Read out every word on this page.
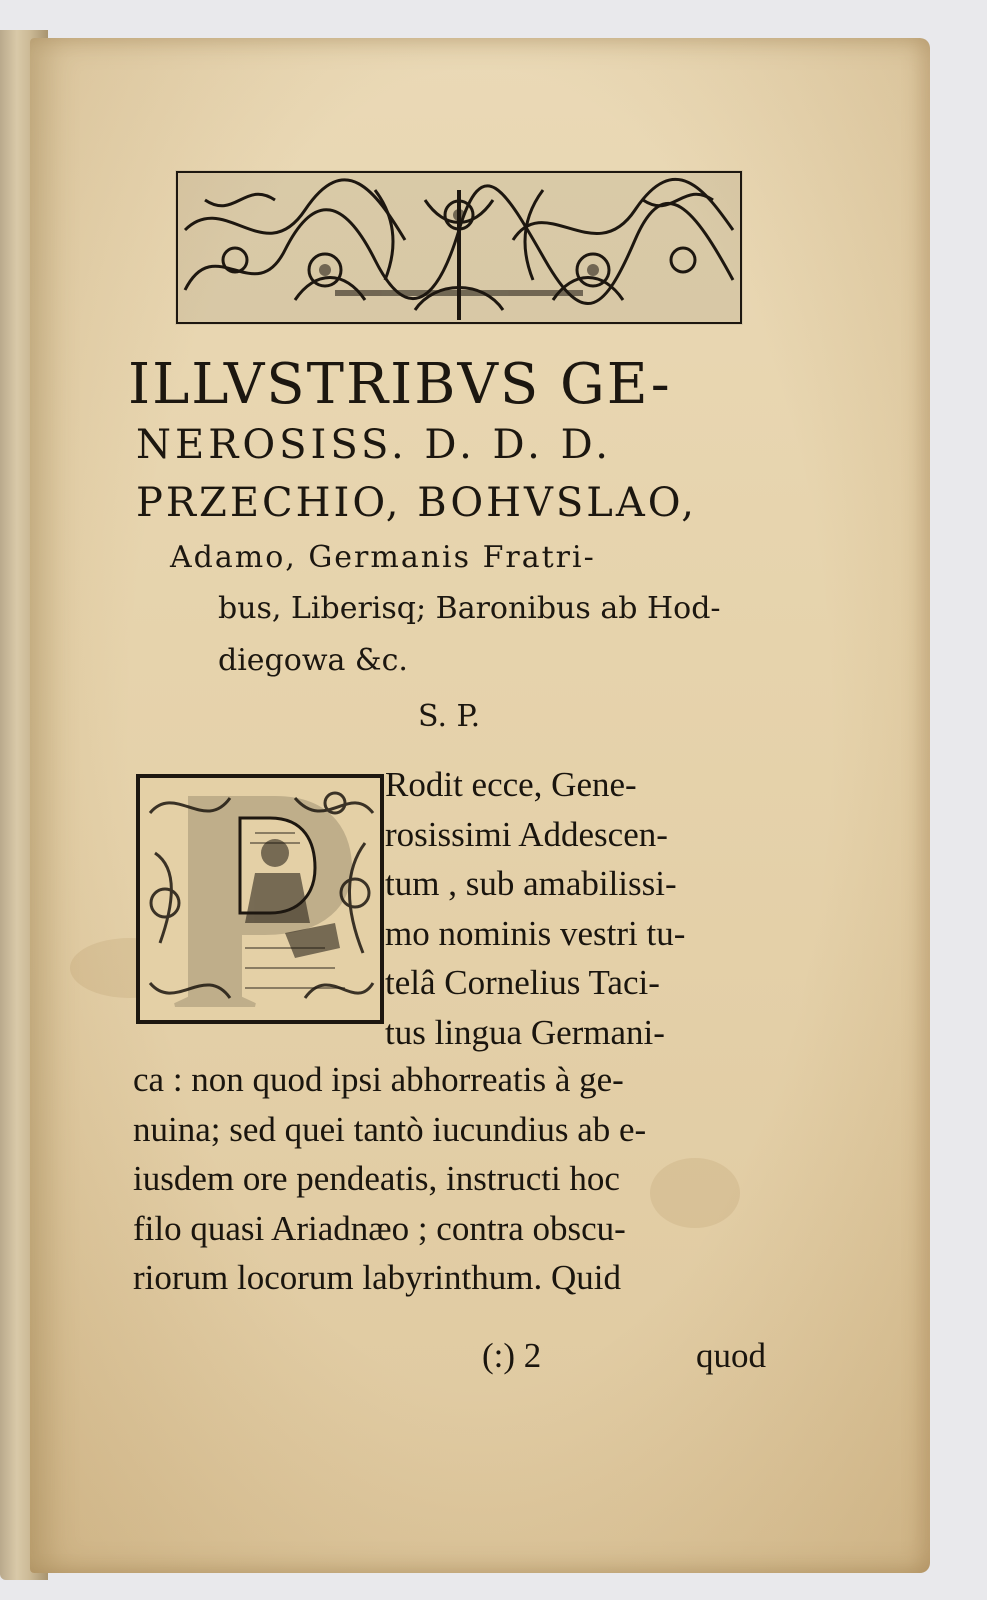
ILLVSTRIBVS GE-
NEROSISS. D. D. D.
PRZECHIO, BOHVSLAO,
Adamo, Germanis Fratri-
bus, Liberisq; Baronibus ab Hod-
diegowa &c.
S. P.
Rodit ecce, Gene-
rosissimi Addescen-
tum , sub amabilissi-
mo nominis vestri tu-
telâ Cornelius Taci-
tus lingua Germani-
ca : non quod ipsi abhorreatis à ge-
nuina; sed quei tantò iucundius ab e-
iusdem ore pendeatis, instructi hoc
filo quasi Ariadnæo ; contra obscu-
riorum locorum labyrinthum. Quid
(:) 2	quod
